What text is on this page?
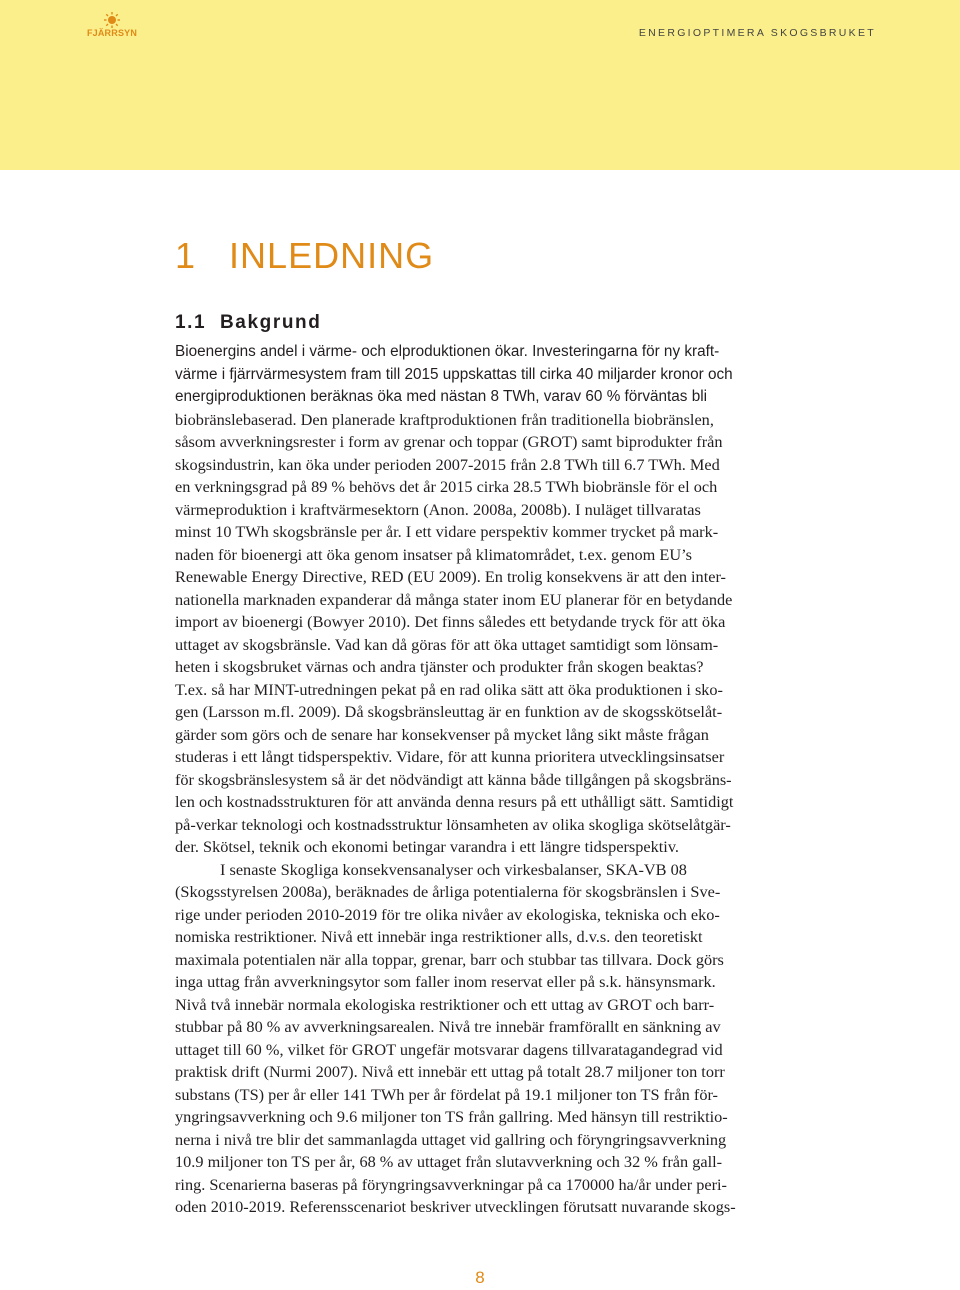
FJÄRRSYN	ENERGIOPTIMERA SKOGSBRUKET
1 INLEDNING
1.1 Bakgrund
Bioenergins andel i värme- och elproduktionen ökar. Investeringarna för ny kraft-
värme i fjärrvärmesystem fram till 2015 uppskattas till cirka 40 miljarder kronor och
energiproduktionen beräknas öka med nästan 8 TWh, varav 60 % förväntas bli
biobränslebaserad. Den planerade kraftproduktionen från traditionella biobränslen,
såsom avverkningsrester i form av grenar och toppar (GROT) samt biprodukter från
skogsindustrin, kan öka under perioden 2007-2015 från 2.8 TWh till 6.7 TWh. Med
en verkningsgrad på 89 % behövs det år 2015 cirka 28.5 TWh biobränsle för el och
värmeproduktion i kraftvärmesektorn (Anon. 2008a, 2008b). I nuläget tillvaratas
minst 10 TWh skogsbränsle per år. I ett vidare perspektiv kommer trycket på mark-
naden för bioenergi att öka genom insatser på klimatområdet, t.ex. genom EU’s
Renewable Energy Directive, RED (EU 2009). En trolig konsekvens är att den inter-
nationella marknaden expanderar då många stater inom EU planerar för en betydande
import av bioenergi (Bowyer 2010). Det finns således ett betydande tryck för att öka
uttaget av skogsbränsle. Vad kan då göras för att öka uttaget samtidigt som lönsam-
heten i skogsbruket värnas och andra tjänster och produkter från skogen beaktas?
T.ex. så har MINT-utredningen pekat på en rad olika sätt att öka produktionen i sko-
gen (Larsson m.fl. 2009). Då skogsbränsleuttag är en funktion av de skogsskötselåt-
gärder som görs och de senare har konsekvenser på mycket lång sikt måste frågan
studeras i ett långt tidsperspektiv. Vidare, för att kunna prioritera utvecklingsinsatser
för skogsbränslesystem så är det nödvändigt att känna både tillgången på skogsbräns-
len och kostnadsstrukturen för att använda denna resurs på ett uthålligt sätt. Samtidigt
på-verkar teknologi och kostnadsstruktur lönsamheten av olika skogliga skötselåtgär-
der. Skötsel, teknik och ekonomi betingar varandra i ett längre tidsperspektiv.
I senaste Skogliga konsekvensanalyser och virkesbalanser, SKA-VB 08
(Skogsstyrelsen 2008a), beräknades de årliga potentialerna för skogsbränslen i Sve-
rige under perioden 2010-2019 för tre olika nivåer av ekologiska, tekniska och eko-
nomiska restriktioner. Nivå ett innebär inga restriktioner alls, d.v.s. den teoretiskt
maximala potentialen när alla toppar, grenar, barr och stubbar tas tillvara. Dock görs
inga uttag från avverkningsytor som faller inom reservat eller på s.k. hänsynsmark.
Nivå två innebär normala ekologiska restriktioner och ett uttag av GROT och barr-
stubbar på 80 % av avverkningsarealen. Nivå tre innebär framförallt en sänkning av
uttaget till 60 %, vilket för GROT ungefär motsvarar dagens tillvaratagandegrad vid
praktisk drift (Nurmi 2007). Nivå ett innebär ett uttag på totalt 28.7 miljoner ton torr
substans (TS) per år eller 141 TWh per år fördelat på 19.1 miljoner ton TS från för-
yngringsavverkning och 9.6 miljoner ton TS från gallring. Med hänsyn till restriktio-
nerna i nivå tre blir det sammanlagda uttaget vid gallring och föryngringsavverkning
10.9 miljoner ton TS per år, 68 % av uttaget från slutavverkning och 32 % från gall-
ring. Scenarierna baseras på föryngringsavverkningar på ca 170000 ha/år under peri-
oden 2010-2019. Referensscenariot beskriver utvecklingen förutsatt nuvarande skogs-
8
